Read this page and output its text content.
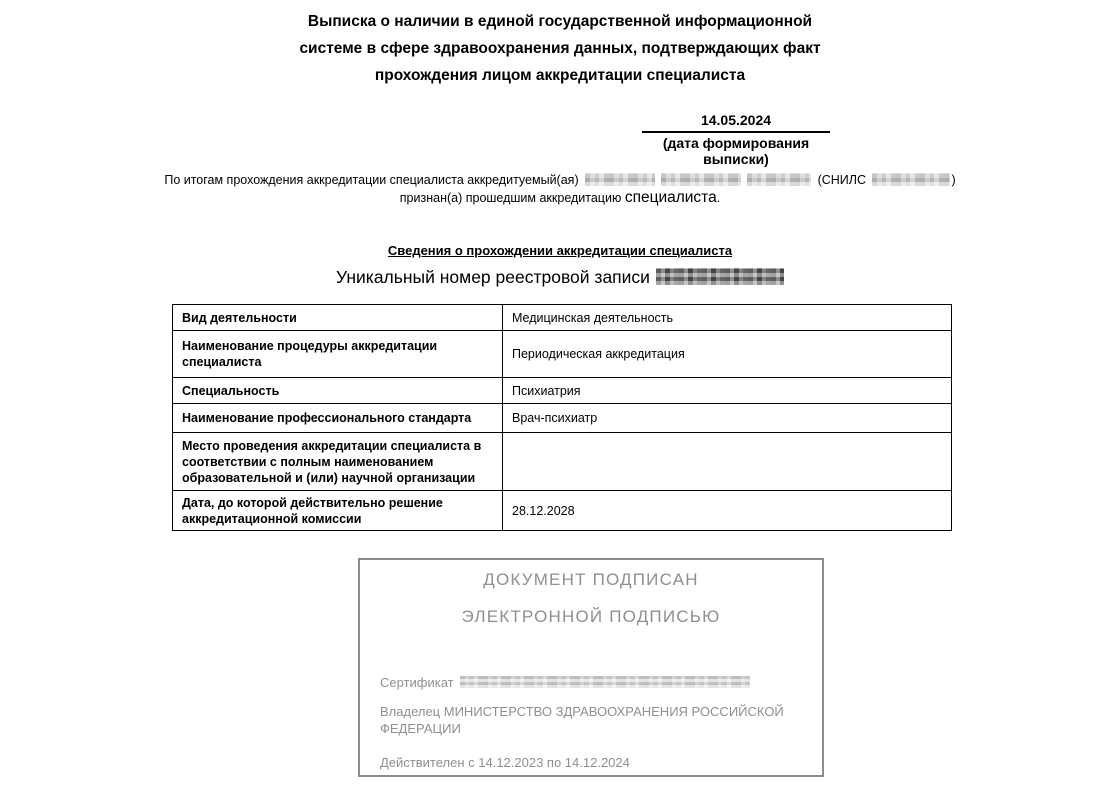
Выписка о наличии в единой государственной информационной
системе в сфере здравоохранения данных, подтверждающих факт
прохождения лицом аккредитации специалиста
14.05.2024
(дата формирования выписки)
По итогам прохождения аккредитации специалиста аккредитуемый(ая)	(СНИЛС	)
признан(а) прошедшим аккредитацию специалиста.
Сведения о прохождении аккредитации специалиста
Уникальный номер реестровой записи
Вид деятельности	Медицинская деятельность
Наименование процедуры аккредитации специалиста	Периодическая аккредитация
Специальность	Психиатрия
Наименование профессионального стандарта	Врач-психиатр
Место проведения аккредитации специалиста в соответствии с полным наименованием образовательной и (или) научной организации	
Дата, до которой действительно решение аккредитационной комиссии	28.12.2028
ДОКУМЕНТ ПОДПИСАН
ЭЛЕКТРОННОЙ ПОДПИСЬЮ
Сертификат
Владелец МИНИСТЕРСТВО ЗДРАВООХРАНЕНИЯ РОССИЙСКОЙ ФЕДЕРАЦИИ
Действителен с 14.12.2023 по 14.12.2024
